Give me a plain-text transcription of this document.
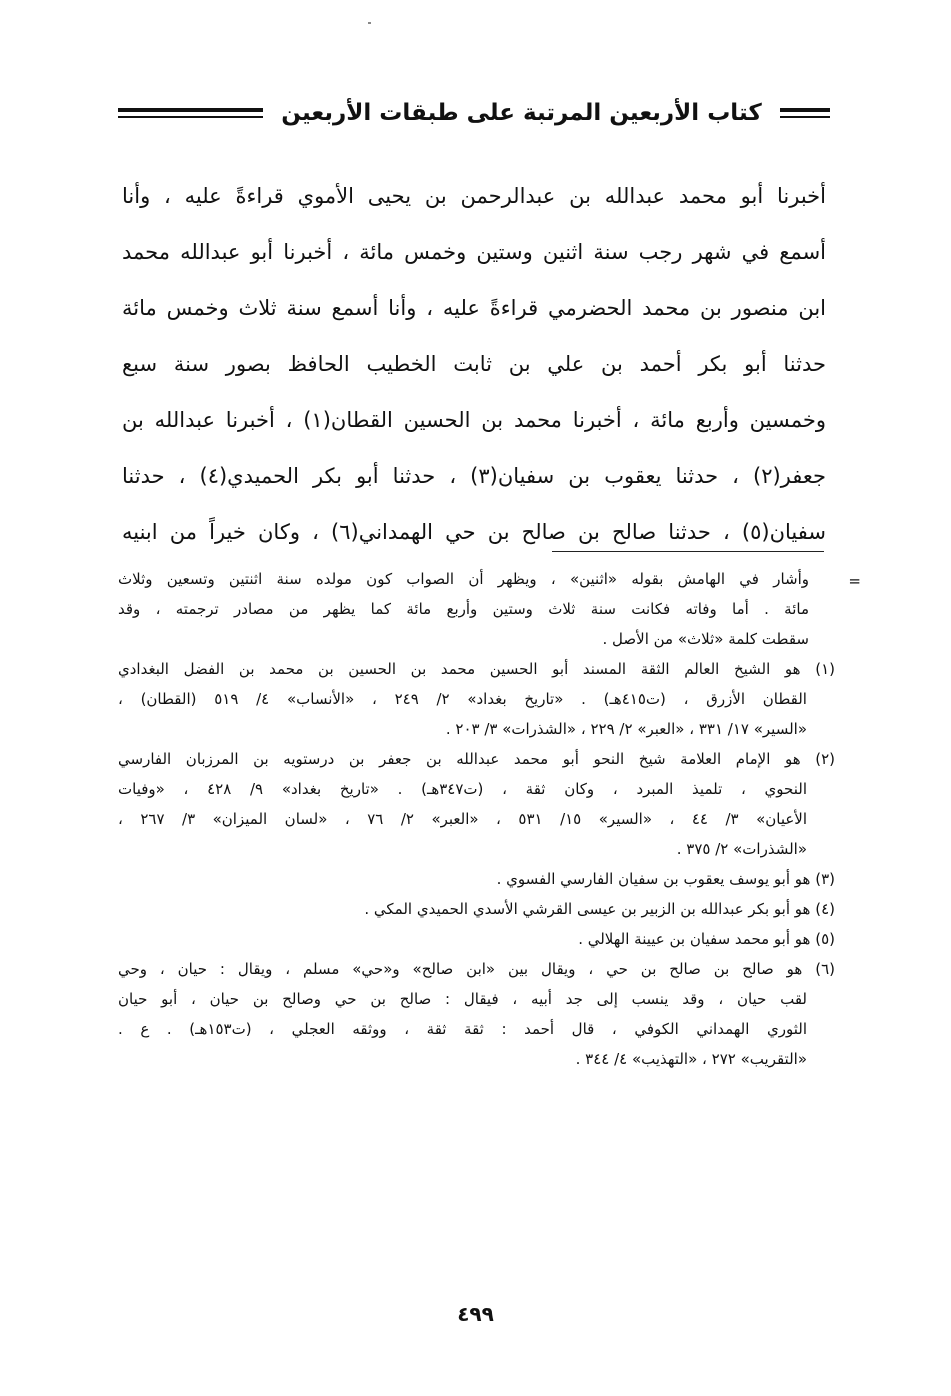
كتاب الأربعين المرتبة على طبقات الأربعين
أخبرنا أبو محمد عبدالله بن عبدالرحمن بن يحيى الأموي قراءةً عليه ، وأنا
أسمع في شهر رجب سنة اثنين وستين وخمس مائة ، أخبرنا أبو عبدالله محمد
ابن منصور بن محمد الحضرمي قراءةً عليه ، وأنا أسمع سنة ثلاث وخمس مائة
حدثنا أبو بكر أحمد بن علي بن ثابت الخطيب الحافظ بصور سنة سبع
وخمسين وأربع مائة ، أخبرنا محمد بن الحسين القطان(١) ، أخبرنا عبدالله بن
جعفر(٢) ، حدثنا يعقوب بن سفيان(٣) ، حدثنا أبو بكر الحميدي(٤) ، حدثنا
سفيان(٥) ، حدثنا صالح بن صالح بن حي الهمداني(٦) ، وكان خيراً من ابنيه
=
وأشار في الهامش بقوله «اثنين» ، ويظهر أن الصواب كون مولده سنة اثنتين وتسعين وثلاث
مائة . أما وفاته فكانت سنة ثلاث وستين وأربع مائة كما يظهر من مصادر ترجمته ، وقد
سقطت كلمة «ثلاث» من الأصل .
(١) هو الشيخ العالم الثقة المسند أبو الحسين محمد بن الحسين بن محمد بن الفضل البغدادي
القطان الأزرق ، (ت٤١٥هـ) . «تاريخ بغداد» ٢/ ٢٤٩ ، «الأنساب» ٤/ ٥١٩ (القطان) ،
«السير» ١٧/ ٣٣١ ، «العبر» ٢/ ٢٢٩ ، «الشذرات» ٣/ ٢٠٣ .
(٢) هو الإمام العلامة شيخ النحو أبو محمد عبدالله بن جعفر بن درستويه بن المرزبان الفارسي
النحوي ، تلميذ المبرد ، وكان ثقة ، (ت٣٤٧هـ) . «تاريخ بغداد» ٩/ ٤٢٨ ، «وفيات
الأعيان» ٣/ ٤٤ ، «السير» ١٥/ ٥٣١ ، «العبر» ٢/ ٧٦ ، «لسان الميزان» ٣/ ٢٦٧ ،
«الشذرات» ٢/ ٣٧٥ .
(٣) هو أبو يوسف يعقوب بن سفيان الفارسي الفسوي .
(٤) هو أبو بكر عبدالله بن الزبير بن عيسى القرشي الأسدي الحميدي المكي .
(٥) هو أبو محمد سفيان بن عيينة الهلالي .
(٦) هو صالح بن صالح بن حي ، ويقال بين «ابن صالح» و«حي» مسلم ، ويقال : حيان ، وحي
لقب حيان ، وقد ينسب إلى جد أبيه ، فيقال : صالح بن حي وصالح بن حيان ، أبو حيان
الثوري الهمداني الكوفي ، قال أحمد : ثقة ثقة ، ووثقه العجلي ، (ت١٥٣هـ) . ع .
«التقريب» ٢٧٢ ، «التهذيب» ٤/ ٣٤٤ .
٤٩٩
